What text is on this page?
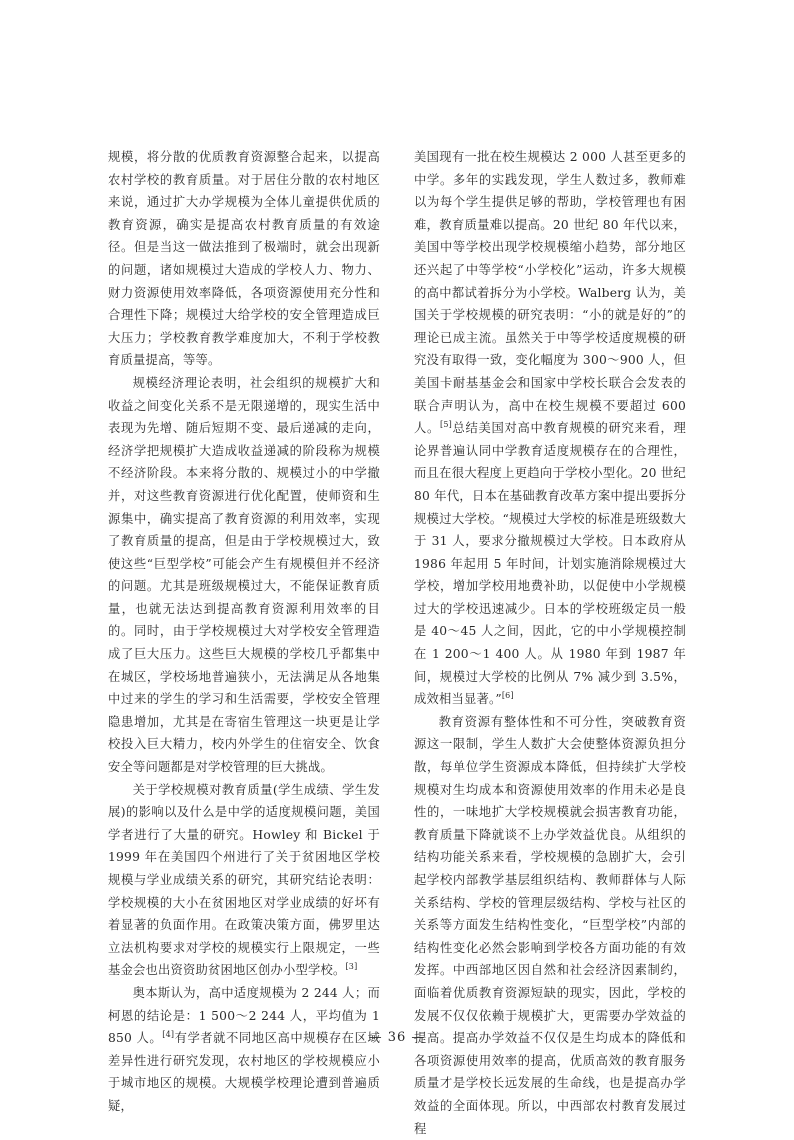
规模，将分散的优质教育资源整合起来，以提高农村学校的教育质量。对于居住分散的农村地区来说，通过扩大办学规模为全体儿童提供优质的教育资源，确实是提高农村教育质量的有效途径。但是当这一做法推到了极端时，就会出现新的问题，诸如规模过大造成的学校人力、物力、财力资源使用效率降低，各项资源使用充分性和合理性下降；规模过大给学校的安全管理造成巨大压力；学校教育教学难度加大，不利于学校教育质量提高，等等。

规模经济理论表明，社会组织的规模扩大和收益之间变化关系不是无限递增的，现实生活中表现为先增、随后短期不变、最后递减的走向，经济学把规模扩大造成收益递减的阶段称为规模不经济阶段。本来将分散的、规模过小的中学撤并，对这些教育资源进行优化配置，使师资和生源集中，确实提高了教育资源的利用效率，实现了教育质量的提高，但是由于学校规模过大，致使这些“巨型学校”可能会产生有规模但并不经济的问题。尤其是班级规模过大，不能保证教育质量，也就无法达到提高教育资源利用效率的目的。同时，由于学校规模过大对学校安全管理造成了巨大压力。这些巨大规模的学校几乎都集中在城区，学校场地普遍狭小，无法满足从各地集中过来的学生的学习和生活需要，学校安全管理隐患增加，尤其是在寄宿生管理这一块更是让学校投入巨大精力，校内外学生的住宿安全、饮食安全等问题都是对学校管理的巨大挑战。

关于学校规模对教育质量(学生成绩、学生发展)的影响以及什么是中学的适度规模问题，美国学者进行了大量的研究。Howley 和 Bickel 于 1999 年在美国四个州进行了关于贫困地区学校规模与学业成绩关系的研究，其研究结论表明：学校规模的大小在贫困地区对学业成绩的好坏有着显著的负面作用。在政策决策方面，佛罗里达立法机构要求对学校的规模实行上限规定，一些基金会也出资资助贫困地区创办小型学校。[3]

奥本斯认为，高中适度规模为 2 244 人；而柯恩的结论是：1 500～2 244 人，平均值为 1 850 人。[4]有学者就不同地区高中规模存在区域差异性进行研究发现，农村地区的学校规模应小于城市地区的规模。大规模学校理论遭到普遍质疑，

美国现有一批在校生规模达 2 000 人甚至更多的中学。多年的实践发现，学生人数过多，教师难以为每个学生提供足够的帮助，学校管理也有困难，教育质量难以提高。20 世纪 80 年代以来，美国中等学校出现学校规模缩小趋势，部分地区还兴起了中等学校“小学校化”运动，许多大规模的高中都试着拆分为小学校。Walberg 认为，美国关于学校规模的研究表明：“小的就是好的”的理论已成主流。虽然关于中等学校适度规模的研究没有取得一致，变化幅度为 300～900 人，但美国卡耐基基金会和国家中学校长联合会发表的联合声明认为，高中在校生规模不要超过 600 人。[5]总结美国对高中教育规模的研究来看，理论界普遍认同中学教育适度规模存在的合理性，而且在很大程度上更趋向于学校小型化。20 世纪 80 年代，日本在基础教育改革方案中提出要拆分规模过大学校。“规模过大学校的标准是班级数大于 31 人，要求分撤规模过大学校。日本政府从 1986 年起用 5 年时间，计划实施消除规模过大学校，增加学校用地费补助，以促使中小学规模过大的学校迅速减少。日本的学校班级定员一般是 40～45 人之间，因此，它的中小学规模控制在 1 200～1 400 人。从 1980 年到 1987 年间，规模过大学校的比例从 7% 减少到 3.5%，成效相当显著。”[6]

教育资源有整体性和不可分性，突破教育资源这一限制，学生人数扩大会使整体资源负担分散，每单位学生资源成本降低，但持续扩大学校规模对生均成本和资源使用效率的作用未必是良性的，一味地扩大学校规模就会损害教育功能，教育质量下降就谈不上办学效益优良。从组织的结构功能关系来看，学校规模的急剧扩大，会引起学校内部教学基层组织结构、教师群体与人际关系结构、学校的管理层级结构、学校与社区的关系等方面发生结构性变化，“巨型学校”内部的结构性变化必然会影响到学校各方面功能的有效发挥。中西部地区因自然和社会经济因素制约，面临着优质教育资源短缺的现实，因此，学校的发展不仅仅依赖于规模扩大，更需要办学效益的提高。提高办学效益不仅仅是生均成本的降低和各项资源使用效率的提高，优质高效的教育服务质量才是学校长远发展的生命线，也是提高办学效益的全面体现。所以，中西部农村教育发展过程

— 36 —
